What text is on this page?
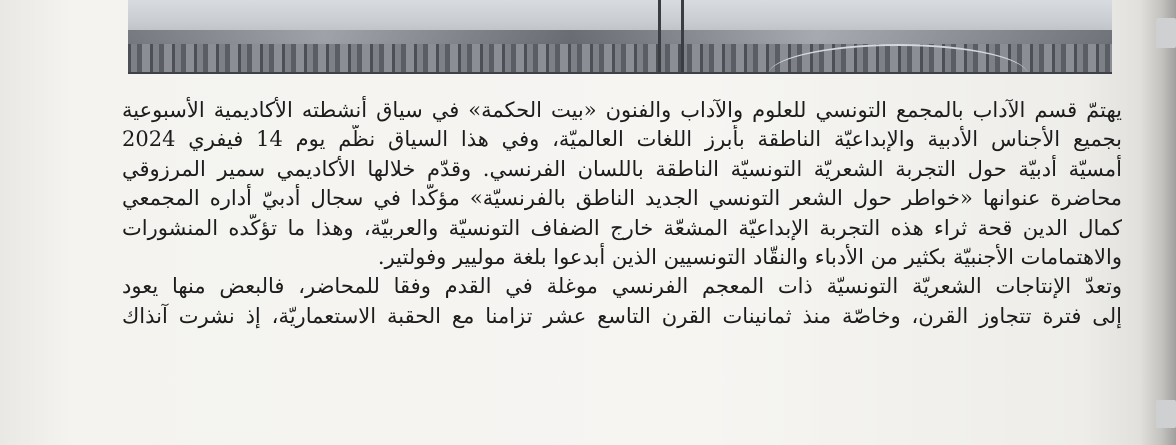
يهتمّ قسم الآداب بالمجمع التونسي للعلوم والآداب والفنون «بيت الحكمة» في سياق أنشطته الأكاديمية الأسبوعية
بجميع الأجناس الأدبية والإبداعيّة الناطقة بأبرز اللغات العالميّة، وفي هذا السياق نظّم يوم 14 فيفري 2024
أمسيّة أدبيّة حول التجربة الشعريّة التونسيّة الناطقة باللسان الفرنسي. وقدّم خلالها الأكاديمي سمير المرزوقي
محاضرة عنوانها «خواطر حول الشعر التونسي الجديد الناطق بالفرنسيّة» مؤكّدا في سجال أدبيّ أداره المجمعي
كمال الدين قحة ثراء هذه التجربة الإبداعيّة المشعّة خارج الضفاف التونسيّة والعربيّة، وهذا ما تؤكّده المنشورات
والاهتمامات الأجنبيّة بكثير من الأدباء والنقّاد التونسيين الذين أبدعوا بلغة موليير وفولتير.
وتعدّ الإنتاجات الشعريّة التونسيّة ذات المعجم الفرنسي موغلة في القدم وفقا للمحاضر، فالبعض منها يعود
إلى فترة تتجاوز القرن، وخاصّة منذ ثمانينات القرن التاسع عشر تزامنا مع الحقبة الاستعماريّة، إذ نشرت آنذاك
